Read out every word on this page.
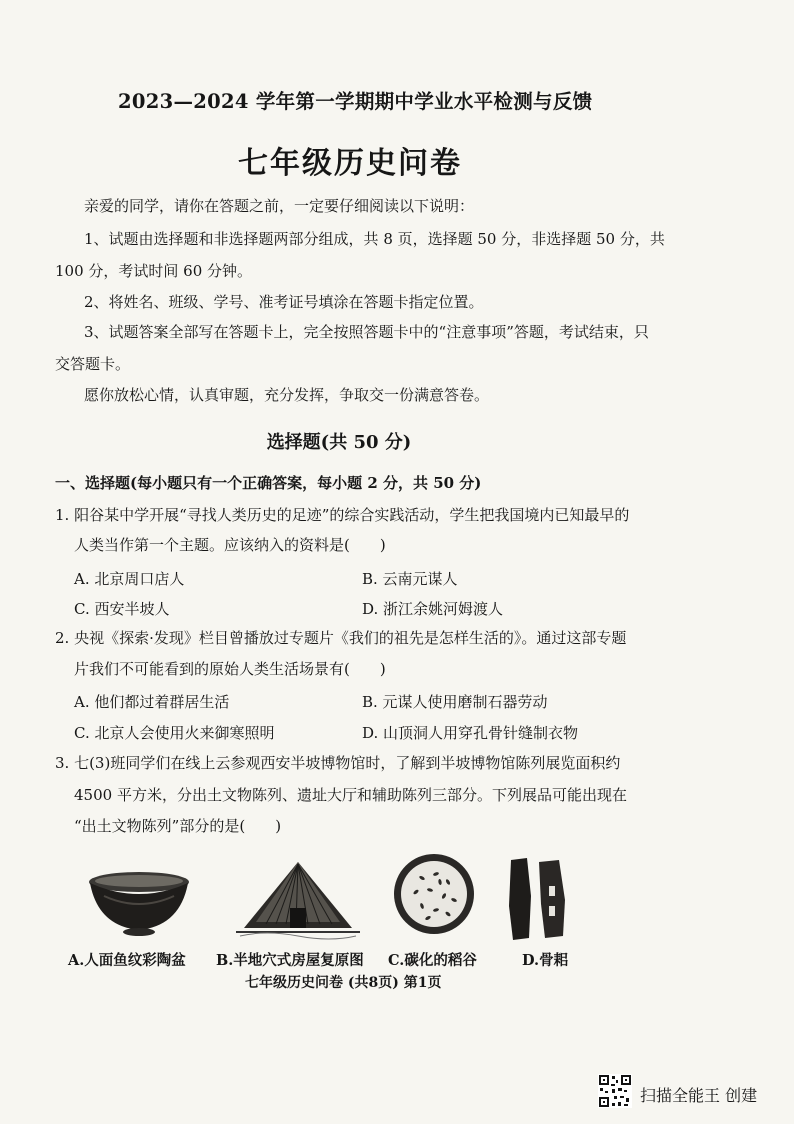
2023—2024 学年第一学期期中学业水平检测与反馈
七年级历史问卷
亲爱的同学，请你在答题之前，一定要仔细阅读以下说明：
1、试题由选择题和非选择题两部分组成，共 8 页，选择题 50 分，非选择题 50 分，共
100 分，考试时间 60 分钟。
2、将姓名、班级、学号、准考证号填涂在答题卡指定位置。
3、试题答案全部写在答题卡上，完全按照答题卡中的“注意事项”答题，考试结束，只
交答题卡。
愿你放松心情，认真审题，充分发挥，争取交一份满意答卷。
选择题(共 50 分)
一、选择题(每小题只有一个正确答案，每小题 2 分，共 50 分)
1. 阳谷某中学开展“寻找人类历史的足迹”的综合实践活动，学生把我国境内已知最早的
人类当作第一个主题。应该纳入的资料是(　　)
A. 北京周口店人	B. 云南元谋人
C. 西安半坡人	D. 浙江余姚河姆渡人
2. 央视《探索·发现》栏目曾播放过专题片《我们的祖先是怎样生活的》。通过这部专题
片我们不可能看到的原始人类生活场景有(　　)
A. 他们都过着群居生活	B. 元谋人使用磨制石器劳动
C. 北京人会使用火来御寒照明	D. 山顶洞人用穿孔骨针缝制衣物
3. 七(3)班同学们在线上云参观西安半坡博物馆时，了解到半坡博物馆陈列展览面积约
4500 平方米，分出土文物陈列、遗址大厅和辅助陈列三部分。下列展品可能出现在
“出土文物陈列”部分的是(　　)
A.人面鱼纹彩陶盆 B.半地穴式房屋复原图 C.碳化的稻谷	D.骨耜
七年级历史问卷 (共8页) 第1页
扫描全能王 创建
